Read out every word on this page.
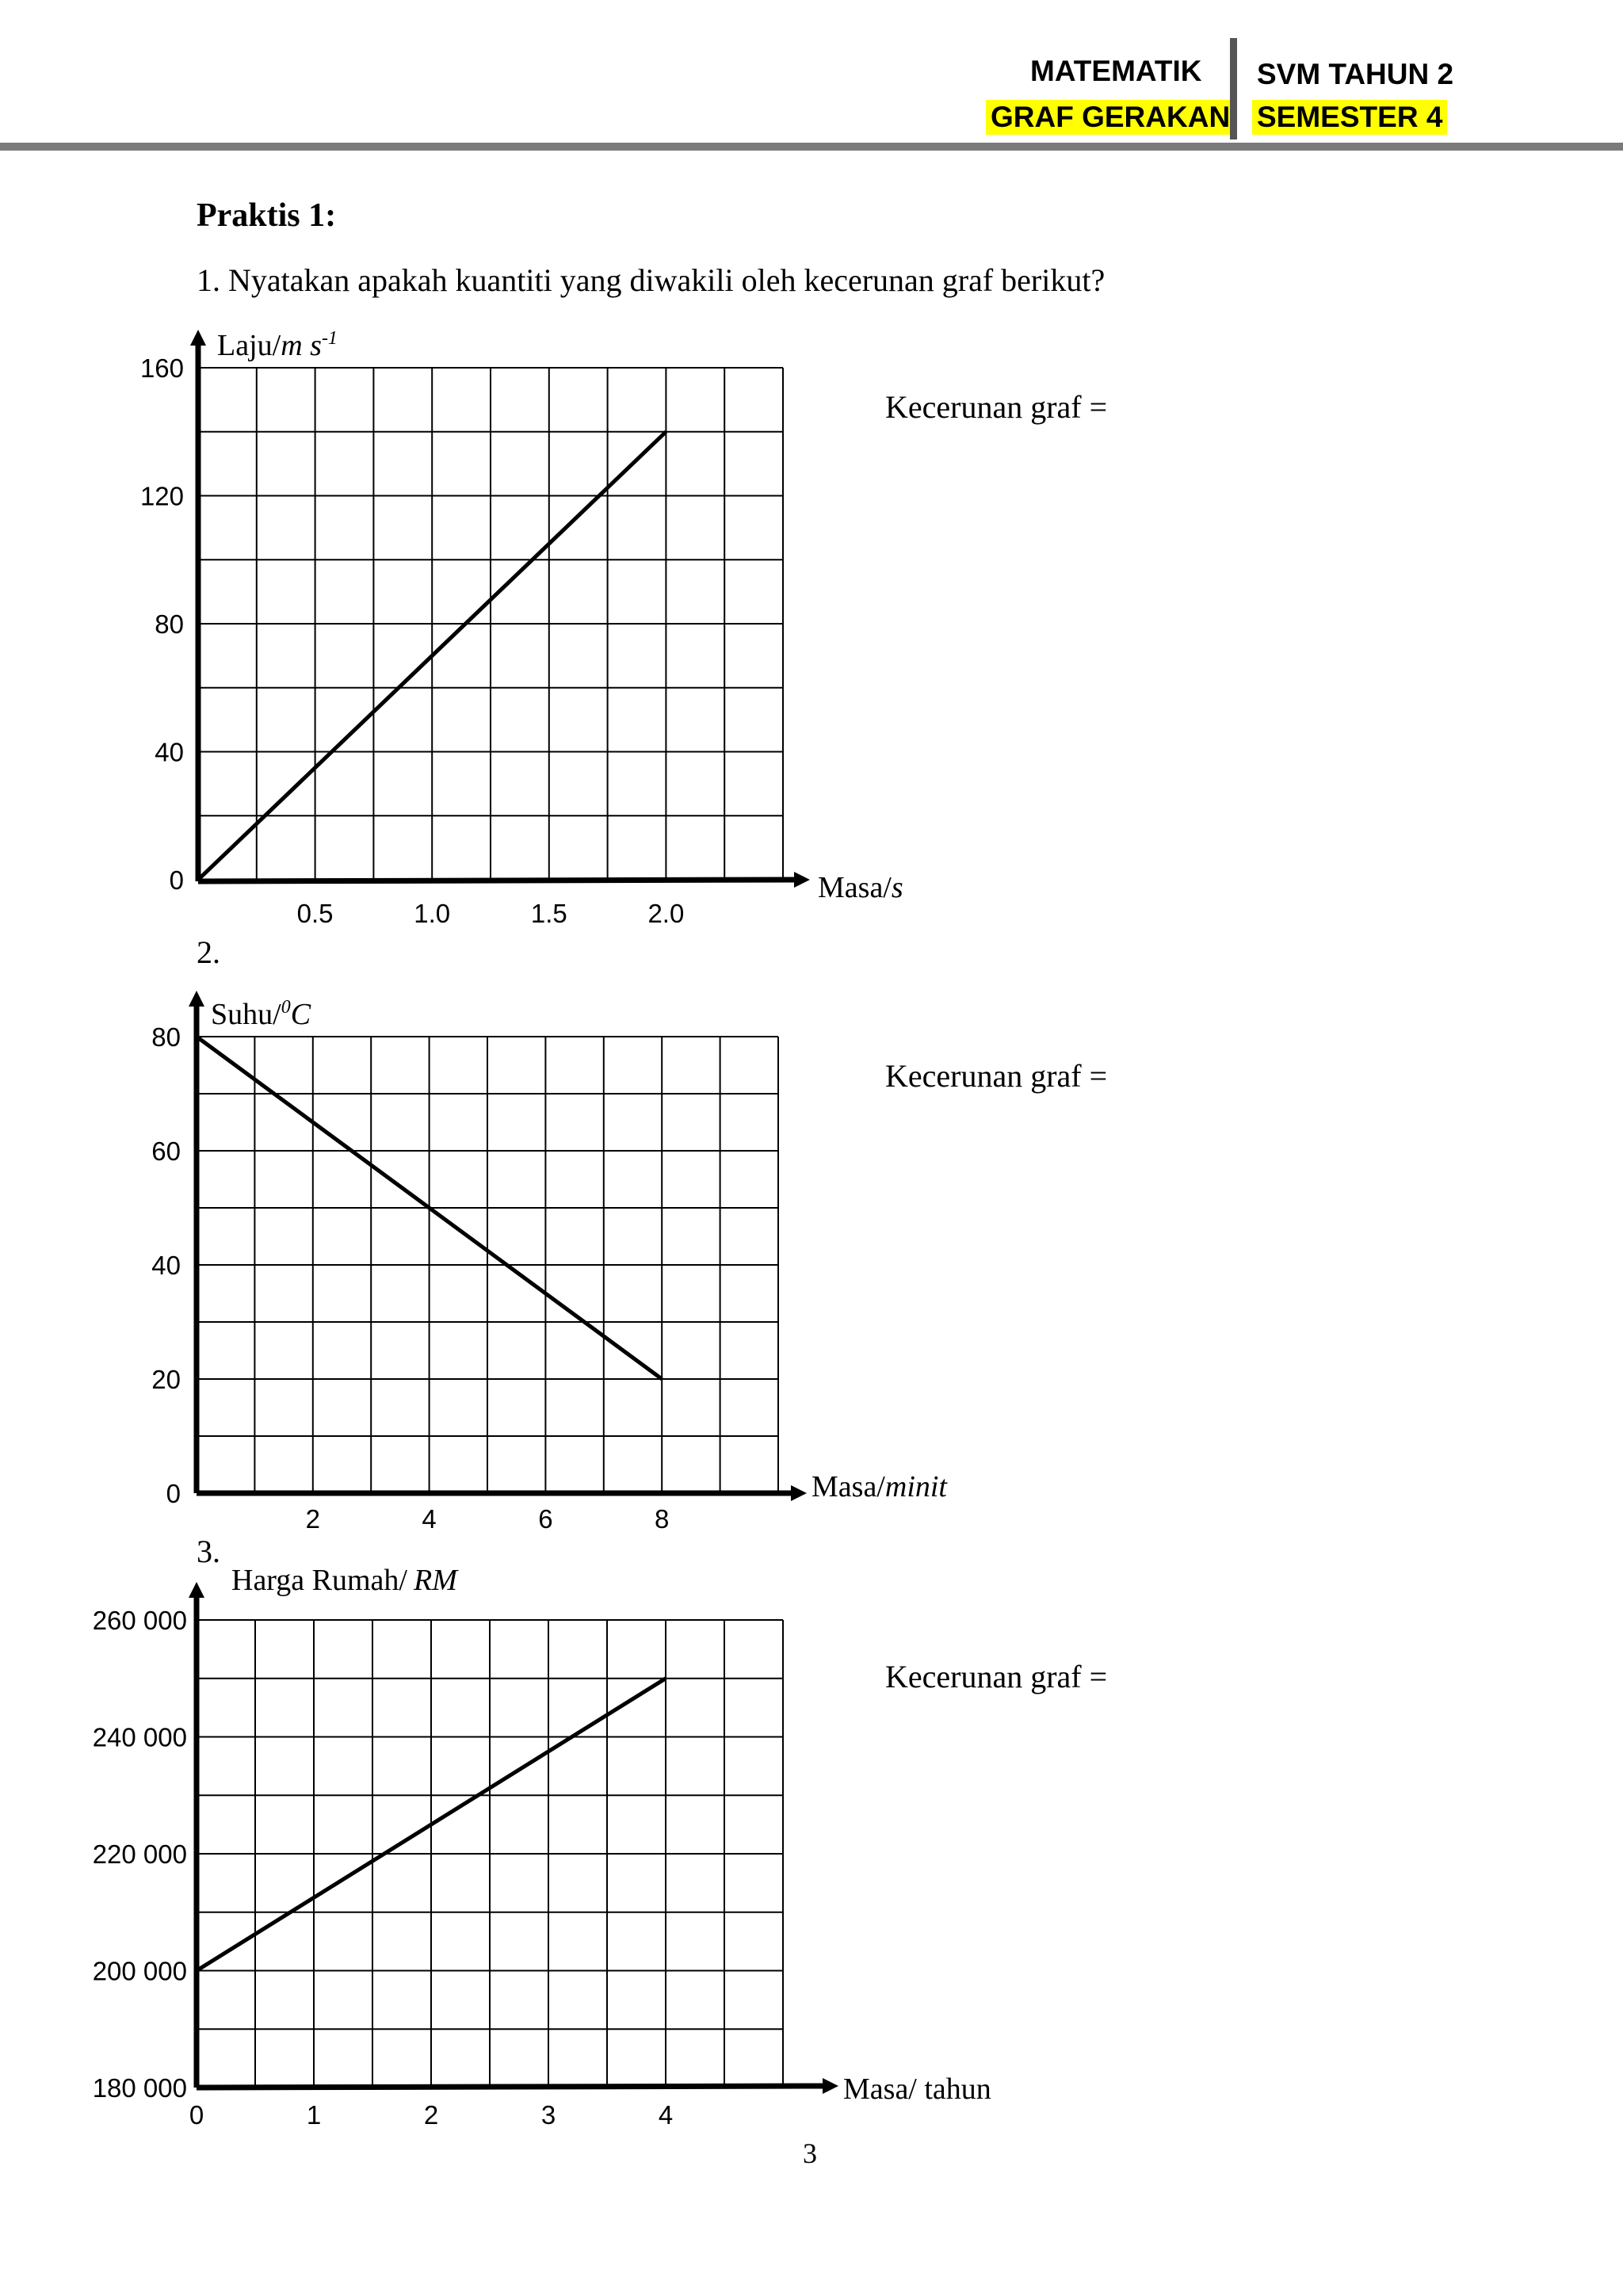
MATEMATIK SVM TAHUN 2
GRAF GERAKAN SEMESTER 4
Praktis 1:
1. Nyatakan apakah kuantiti yang diwakili oleh kecerunan graf berikut?
Kecerunan graf =
Kecerunan graf =
Kecerunan graf =
2.
3.
160
120
80
40
0
0.5	1.0	1.5	2.0
Laju/m $s^{-1}$
Masa/s
80
60
40
20
0
2	4	6	8
Suhu/$^0$C
Masa/minit
260 000
240 000
220 000
200 000
180 000
0	1	2	3	4
Harga Rumah/ RM
Masa/ tahun
3
